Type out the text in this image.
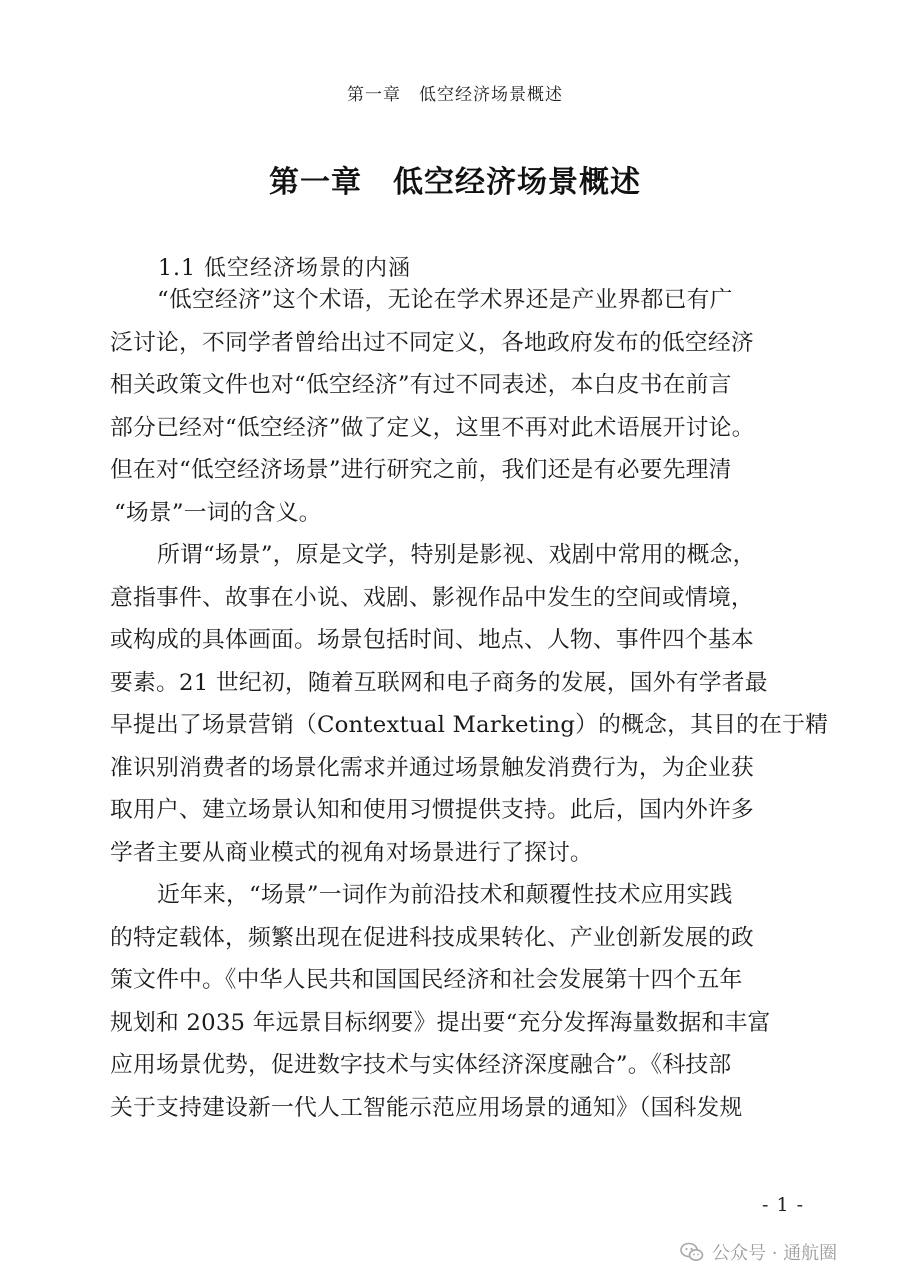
第一章　低空经济场景概述
第一章　低空经济场景概述
1.1 低空经济场景的内涵
“低空经济”这个术语，无论在学术界还是产业界都已有广
泛讨论，不同学者曾给出过不同定义，各地政府发布的低空经济
相关政策文件也对“低空经济”有过不同表述，本白皮书在前言
部分已经对“低空经济”做了定义，这里不再对此术语展开讨论。
但在对“低空经济场景”进行研究之前，我们还是有必要先理清
“场景”一词的含义。
所谓“场景”，原是文学，特别是影视、戏剧中常用的概念，
意指事件、故事在小说、戏剧、影视作品中发生的空间或情境，
或构成的具体画面。场景包括时间、地点、人物、事件四个基本
要素。21 世纪初，随着互联网和电子商务的发展，国外有学者最
早提出了场景营销（Contextual Marketing）的概念，其目的在于精
准识别消费者的场景化需求并通过场景触发消费行为，为企业获
取用户、建立场景认知和使用习惯提供支持。此后，国内外许多
学者主要从商业模式的视角对场景进行了探讨。
近年来，“场景”一词作为前沿技术和颠覆性技术应用实践
的特定载体，频繁出现在促进科技成果转化、产业创新发展的政
策文件中。《中华人民共和国国民经济和社会发展第十四个五年
规划和 2035 年远景目标纲要》提出要“充分发挥海量数据和丰富
应用场景优势，促进数字技术与实体经济深度融合”。《科技部
关于支持建设新一代人工智能示范应用场景的通知》（国科发规
- 1 -
公众号 · 通航圈
